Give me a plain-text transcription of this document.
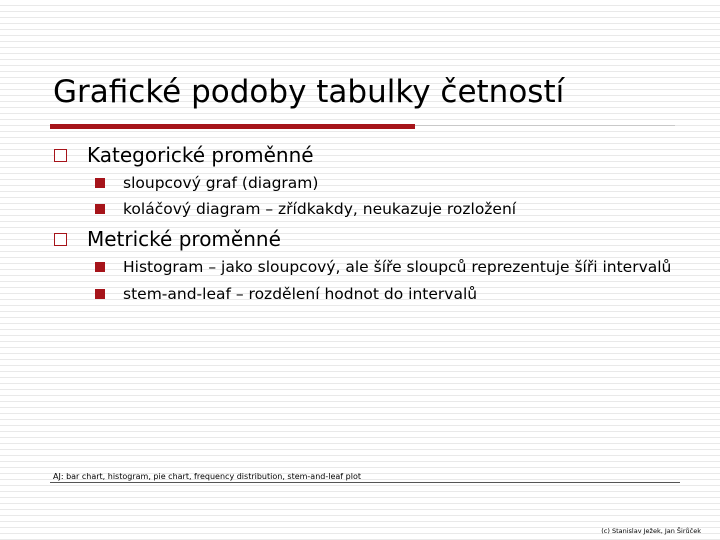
Grafické podoby tabulky četností
Kategorické proměnné
sloupcový graf (diagram)
koláčový diagram – zřídkakdy, neukazuje rozložení
Metrické proměnné
Histogram – jako sloupcový, ale šíře sloupců reprezentuje šíři intervalů
stem-and-leaf – rozdělení hodnot do intervalů
AJ: bar chart, histogram, pie chart, frequency distribution, stem-and-leaf plot
(c) Stanislav Ježek, Jan Širůček
